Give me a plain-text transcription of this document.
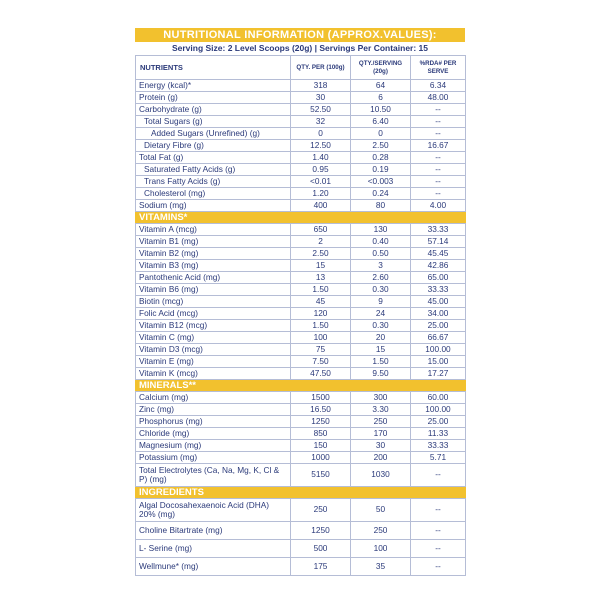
NUTRITIONAL INFORMATION (APPROX.VALUES):
Serving Size: 2 Level Scoops (20g) | Servings Per Container: 15
NUTRIENTS	QTY. PER (100g)	QTY./SERVING (20g)	%RDA# PER SERVE
Energy (kcal)*	318	64	6.34
Protein (g)	30	6	48.00
Carbohydrate (g)	52.50	10.50	--
Total Sugars (g)	32	6.40	--
Added Sugars (Unrefined) (g)	0	0	--
Dietary Fibre (g)	12.50	2.50	16.67
Total Fat (g)	1.40	0.28	--
Saturated Fatty Acids (g)	0.95	0.19	--
Trans Fatty Acids (g)	<0.01	<0.003	--
Cholesterol (mg)	1.20	0.24	--
Sodium (mg)	400	80	4.00
VITAMINS*			
Vitamin A (mcg)	650	130	33.33
Vitamin B1 (mg)	2	0.40	57.14
Vitamin B2 (mg)	2.50	0.50	45.45
Vitamin B3 (mg)	15	3	42.86
Pantothenic Acid (mg)	13	2.60	65.00
Vitamin B6 (mg)	1.50	0.30	33.33
Biotin (mcg)	45	9	45.00
Folic Acid (mcg)	120	24	34.00
Vitamin B12 (mcg)	1.50	0.30	25.00
Vitamin C (mg)	100	20	66.67
Vitamin D3 (mcg)	75	15	100.00
Vitamin E (mg)	7.50	1.50	15.00
Vitamin K (mcg)	47.50	9.50	17.27
MINERALS**			
Calcium (mg)	1500	300	60.00
Zinc (mg)	16.50	3.30	100.00
Phosphorus (mg)	1250	250	25.00
Chloride (mg)	850	170	11.33
Magnesium (mg)	150	30	33.33
Potassium (mg)	1000	200	5.71
Total Electrolytes (Ca, Na, Mg, K, Cl & P) (mg)	5150	1030	--
INGREDIENTS			
Algal Docosahexaenoic Acid (DHA) 20% (mg)	250	50	--
Choline Bitartrate (mg)	1250	250	--
L- Serine (mg)	500	100	--
Wellmune* (mg)	175	35	--
